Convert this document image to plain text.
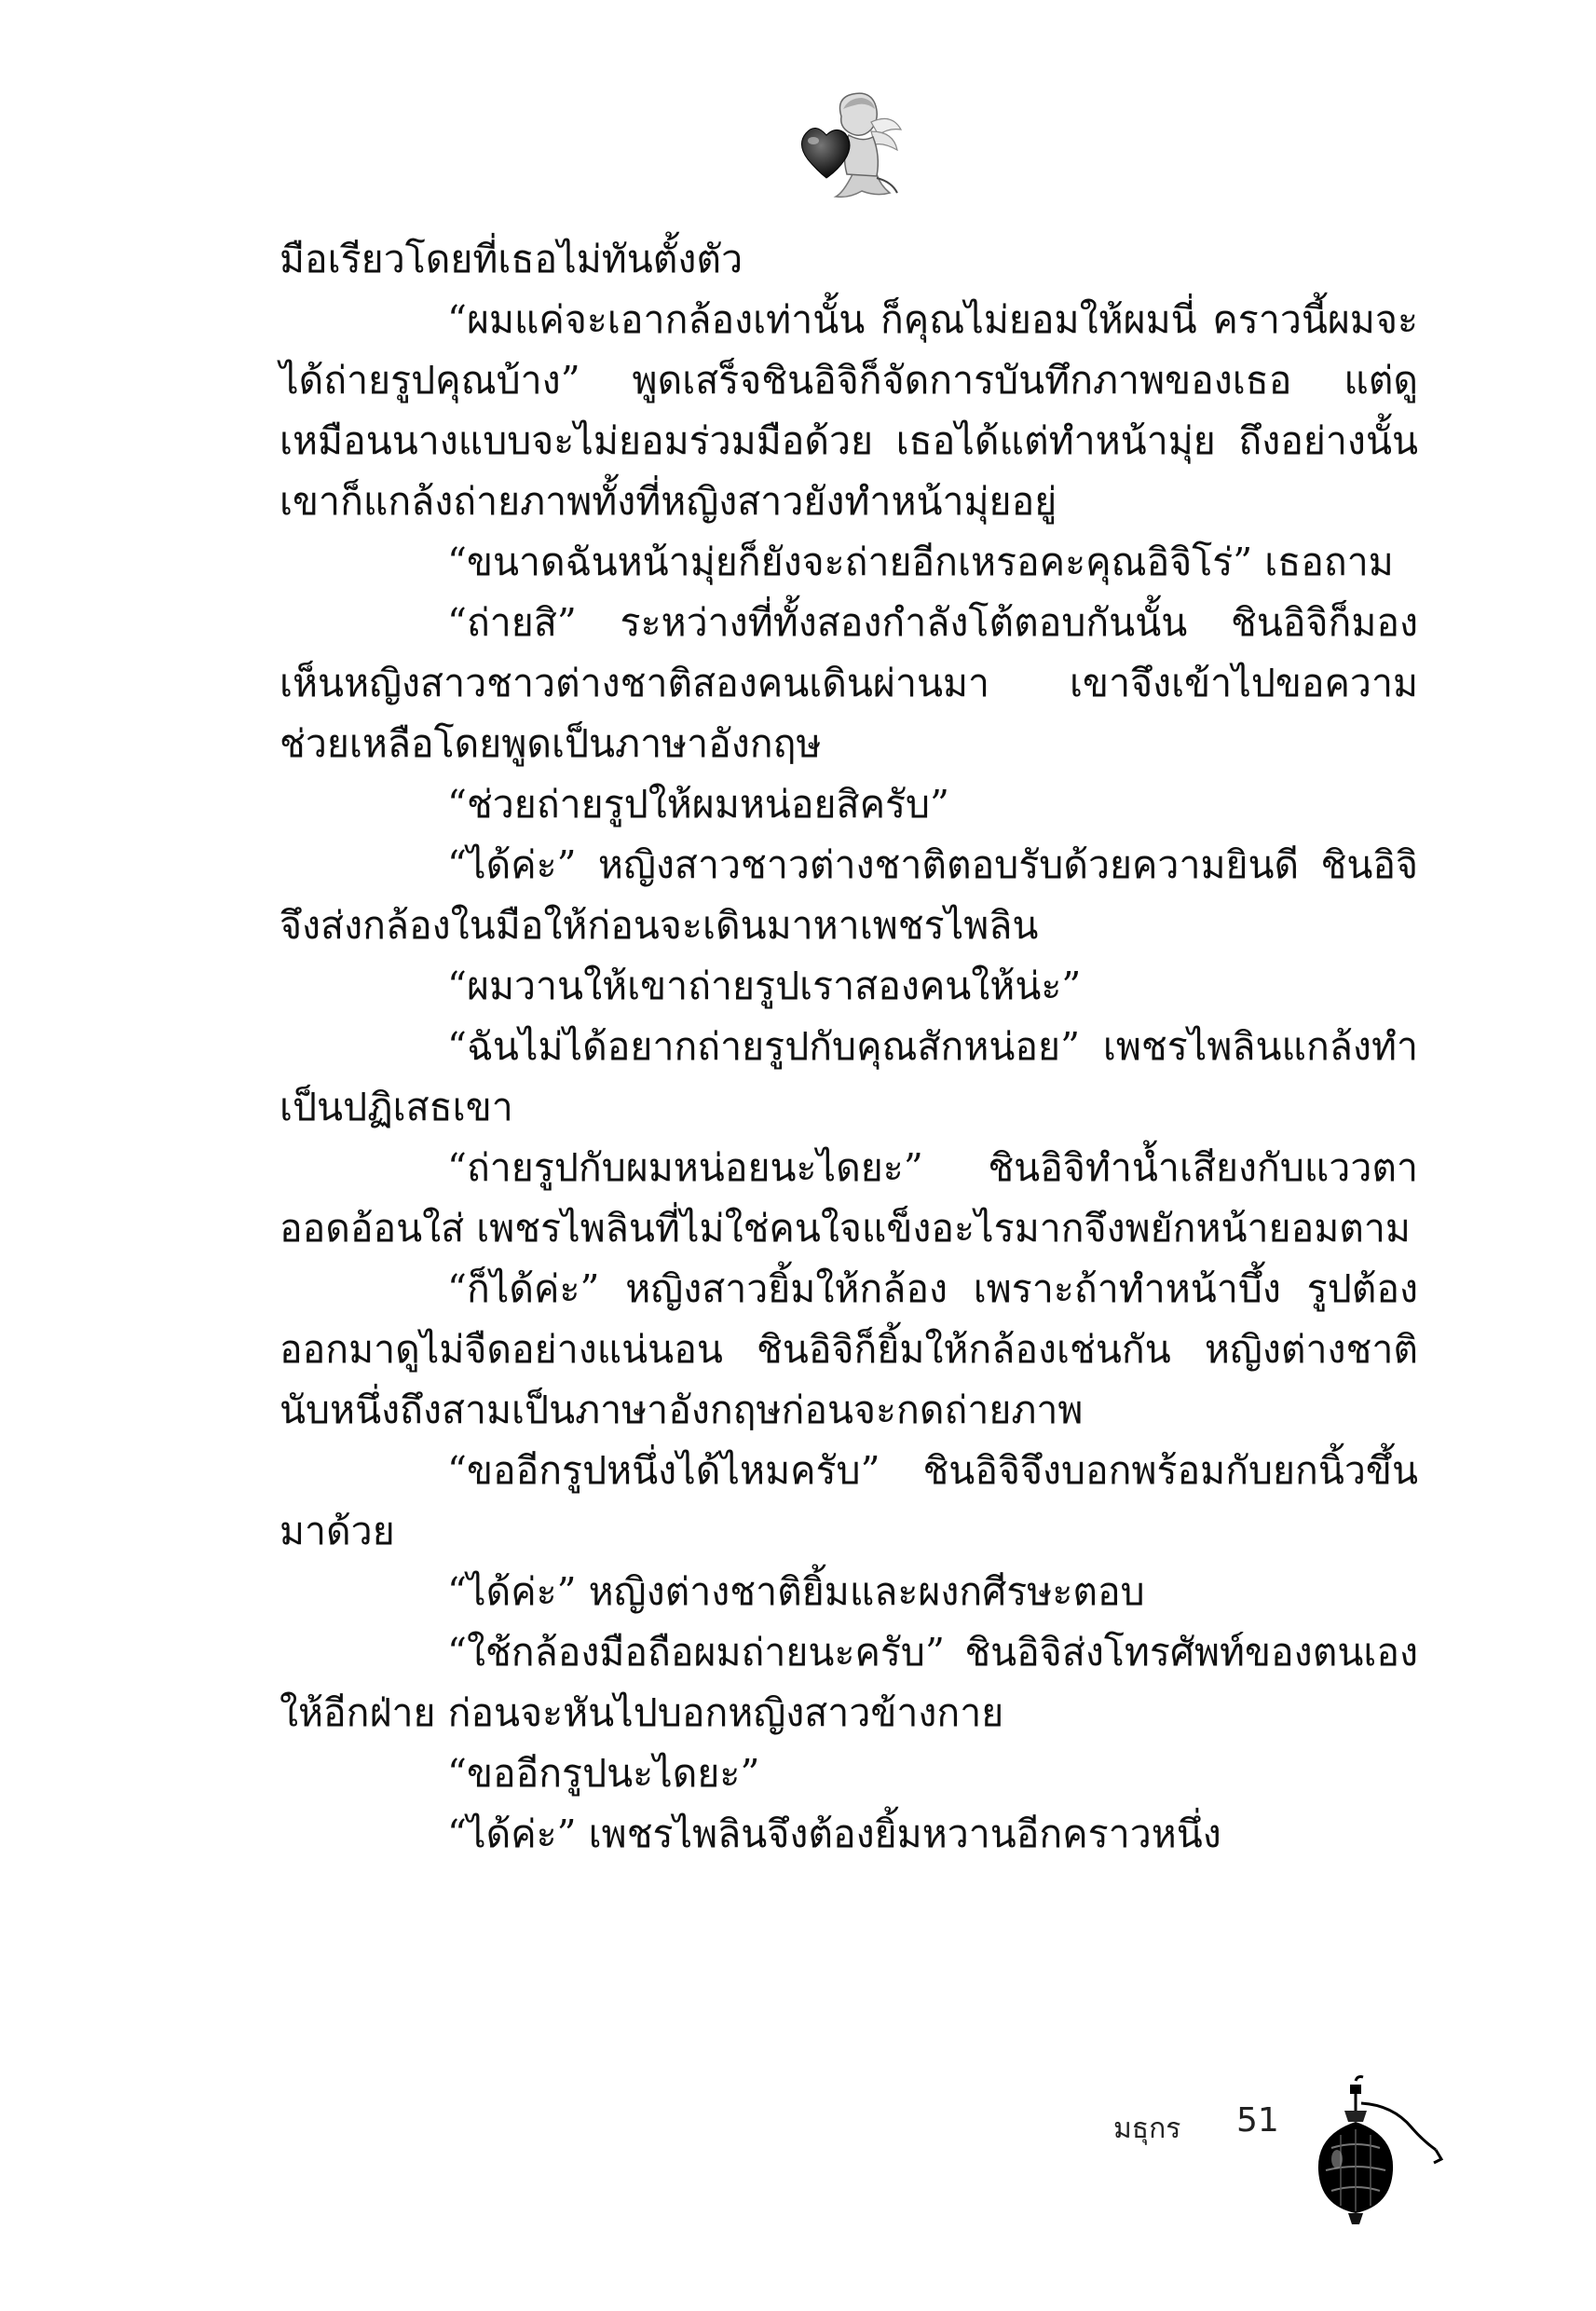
มือเรียวโดยที่เธอไม่ทันตั้งตัว

“ผมแค่จะเอากล้องเท่านั้น ก็คุณไม่ยอมให้ผมนี่ คราวนี้ผมจะได้ถ่ายรูปคุณบ้าง” พูดเสร็จชินอิจิก็จัดการบันทึกภาพของเธอ แต่ดูเหมือนนางแบบจะไม่ยอมร่วมมือด้วย เธอได้แต่ทำหน้ามุ่ย ถึงอย่างนั้นเขาก็แกล้งถ่ายภาพทั้งที่หญิงสาวยังทำหน้ามุ่ยอยู่

“ขนาดฉันหน้ามุ่ยก็ยังจะถ่ายอีกเหรอคะคุณอิจิโร่” เธอถาม

“ถ่ายสิ” ระหว่างที่ทั้งสองกำลังโต้ตอบกันนั้น ชินอิจิก็มองเห็นหญิงสาวชาวต่างชาติสองคนเดินผ่านมา เขาจึงเข้าไปขอความช่วยเหลือโดยพูดเป็นภาษาอังกฤษ

“ช่วยถ่ายรูปให้ผมหน่อยสิครับ”

“ได้ค่ะ” หญิงสาวชาวต่างชาติตอบรับด้วยความยินดี ชินอิจิจึงส่งกล้องในมือให้ก่อนจะเดินมาหาเพชรไพลิน

“ผมวานให้เขาถ่ายรูปเราสองคนให้น่ะ”

“ฉันไม่ได้อยากถ่ายรูปกับคุณสักหน่อย” เพชรไพลินแกล้งทำเป็นปฏิเสธเขา

“ถ่ายรูปกับผมหน่อยนะไดยะ” ชินอิจิทำน้ำเสียงกับแววตาออดอ้อนใส่ เพชรไพลินที่ไม่ใช่คนใจแข็งอะไรมากจึงพยักหน้ายอมตาม

“ก็ได้ค่ะ” หญิงสาวยิ้มให้กล้อง เพราะถ้าทำหน้าบึ้ง รูปต้องออกมาดูไม่จืดอย่างแน่นอน ชินอิจิก็ยิ้มให้กล้องเช่นกัน หญิงต่างชาตินับหนึ่งถึงสามเป็นภาษาอังกฤษก่อนจะกดถ่ายภาพ

“ขออีกรูปหนึ่งได้ไหมครับ” ชินอิจิจึงบอกพร้อมกับยกนิ้วขึ้นมาด้วย

“ได้ค่ะ” หญิงต่างชาติยิ้มและผงกศีรษะตอบ

“ใช้กล้องมือถือผมถ่ายนะครับ” ชินอิจิส่งโทรศัพท์ของตนเองให้อีกฝ่าย ก่อนจะหันไปบอกหญิงสาวข้างกาย

“ขออีกรูปนะไดยะ”

“ได้ค่ะ” เพชรไพลินจึงต้องยิ้มหวานอีกคราวหนึ่ง

มธุกร 51
